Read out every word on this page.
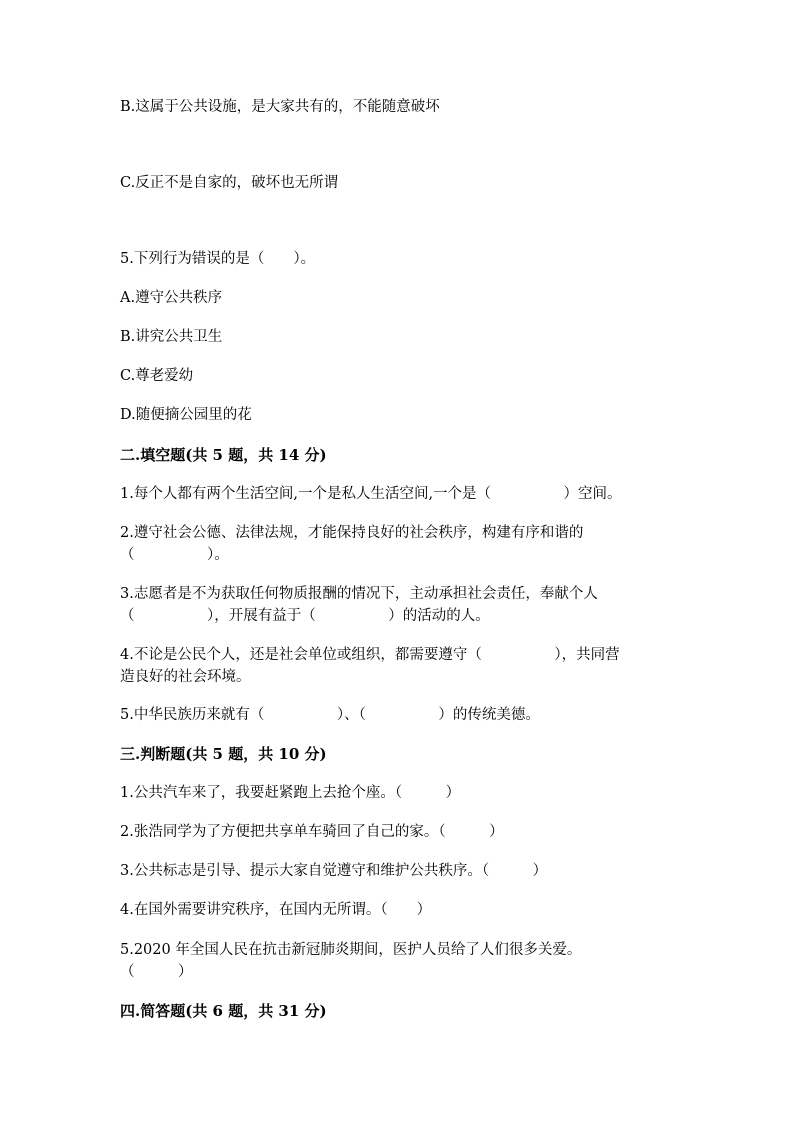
B.这属于公共设施，是大家共有的，不能随意破坏

C.反正不是自家的，破坏也无所谓

5.下列行为错误的是（　　）。

A.遵守公共秩序

B.讲究公共卫生

C.尊老爱幼

D.随便摘公园里的花

二.填空题(共 5 题，共 14 分)

1.每个人都有两个生活空间,一个是私人生活空间,一个是（　　　　　）空间。

2.遵守社会公德、法律法规，才能保持良好的社会秩序，构建有序和谐的

（　　　　　）。

3.志愿者是不为获取任何物质报酬的情况下，主动承担社会责任，奉献个人

（　　　　　），开展有益于（　　　　　）的活动的人。

4.不论是公民个人，还是社会单位或组织，都需要遵守（　　　　　），共同营

造良好的社会环境。

5.中华民族历来就有（　　　　　）、（　　　　　）的传统美德。

三.判断题(共 5 题，共 10 分)

1.公共汽车来了，我要赶紧跑上去抢个座。（　　　）

2.张浩同学为了方便把共享单车骑回了自己的家。（　　　）

3.公共标志是引导、提示大家自觉遵守和维护公共秩序。（　　　）

4.在国外需要讲究秩序，在国内无所谓。（　　）

5.2020 年全国人民在抗击新冠肺炎期间，医护人员给了人们很多关爱。

（　　　）

四.简答题(共 6 题，共 31 分)
